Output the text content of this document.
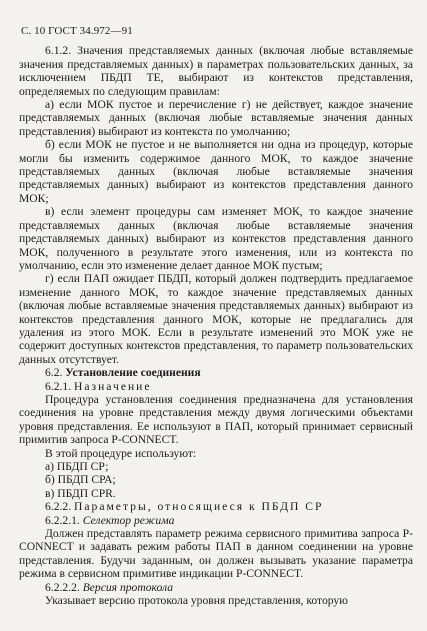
С. 10 ГОСТ 34.972—91

6.1.2. Значения представляемых данных (включая любые вставляемые значения представляемых данных) в параметрах пользовательских данных, за исключением ПБДП ТЕ, выбирают из контекстов представления, определяемых по следующим правилам:

а) если МОК пустое и перечисление г) не действует, каждое значение представляемых данных (включая любые вставляемые значения данных представления) выбирают из контекста по умолчанию;

б) если МОК не пустое и не выполняется ни одна из процедур, которые могли бы изменить содержимое данного МОК, то каждое значение представляемых данных (включая любые вставляемые значения представляемых данных) выбирают из контекстов представления данного МОК;

в) если элемент процедуры сам изменяет МОК, то каждое значение представляемых данных (включая любые вставляемые значения представляемых данных) выбирают из контекстов представления данного МОК, полученного в результате этого изменения, или из контекста по умолчанию, если это изменение делает данное МОК пустым;

г) если ПАП ожидает ПБДП, который должен подтвердить предлагаемое изменение данного МОК, то каждое значение представляемых данных (включая любые вставляемые значения представляемых данных) выбирают из контекстов представления данного МОК, которые не предлагались для удаления из этого МОК. Если в результате изменений это МОК уже не содержит доступных контекстов представления, то параметр пользовательских данных отсутствует.

6.2. Установление соединения

6.2.1. Назначение

Процедура установления соединения предназначена для установления соединения на уровне представления между двумя логическими объектами уровня представления. Ее используют в ПАП, который принимает сервисный примитив запроса P-CONNECT.

В этой процедуре используют:

а) ПБДП СР;

б) ПБДП СРА;

в) ПБДП CPR.

6.2.2. Параметры, относящиеся к ПБДП СР

6.2.2.1. Селектор режима

Должен представлять параметр режима сервисного примитива запроса P-CONNECT и задавать режим работы ПАП в данном соединении на уровне представления. Будучи заданным, он должен вызывать указание параметра режима в сервисном примитиве индикации P-CONNECT.

6.2.2.2. Версия протокола

Указывает версию протокола уровня представления, которую
